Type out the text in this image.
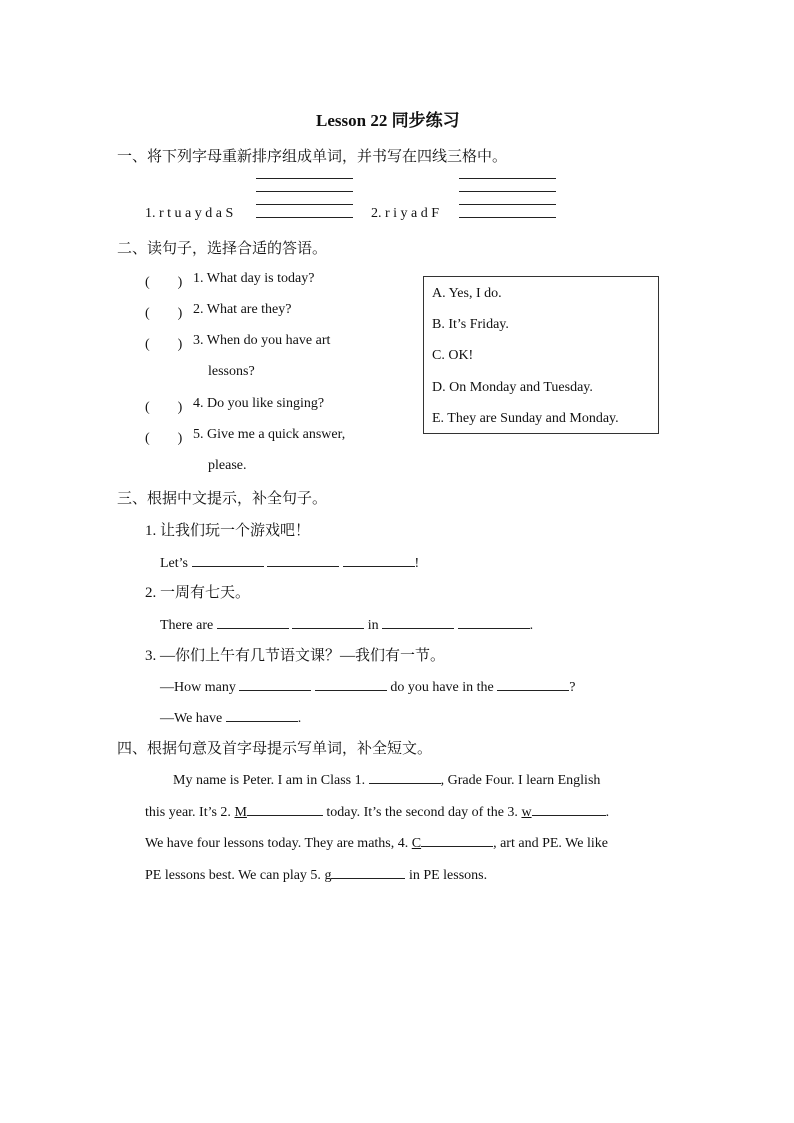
Lesson 22 同步练习
一、将下列字母重新排序组成单词，并书写在四线三格中。
1. r t u a y d a S	2. r i y a d F
二、读句子，选择合适的答语。
(　　) 1. What day is today?
(　　) 2. What are they?
(　　) 3. When do you have art
lessons?
(　　) 4. Do you like singing?
(　　) 5. Give me a quick answer,
please.
A. Yes, I do.
B. It’s Friday.
C. OK!
D. On Monday and Tuesday.
E. They are Sunday and Monday.
三、根据中文提示，补全句子。
1. 让我们玩一个游戏吧！
Let’s	!
2. 一周有七天。
There are	in	.
3. —你们上午有几节语文课？—我们有一节。
—How many	do you have in the	?
—We have	.
四、根据句意及首字母提示写单词，补全短文。
My name is Peter. I am in Class 1.	, Grade Four. I learn English
this year. It’s 2. M	today. It’s the second day of the 3. w	.
We have four lessons today. They are maths, 4. C	, art and PE. We like
PE lessons best. We can play 5. g	in PE lessons.
